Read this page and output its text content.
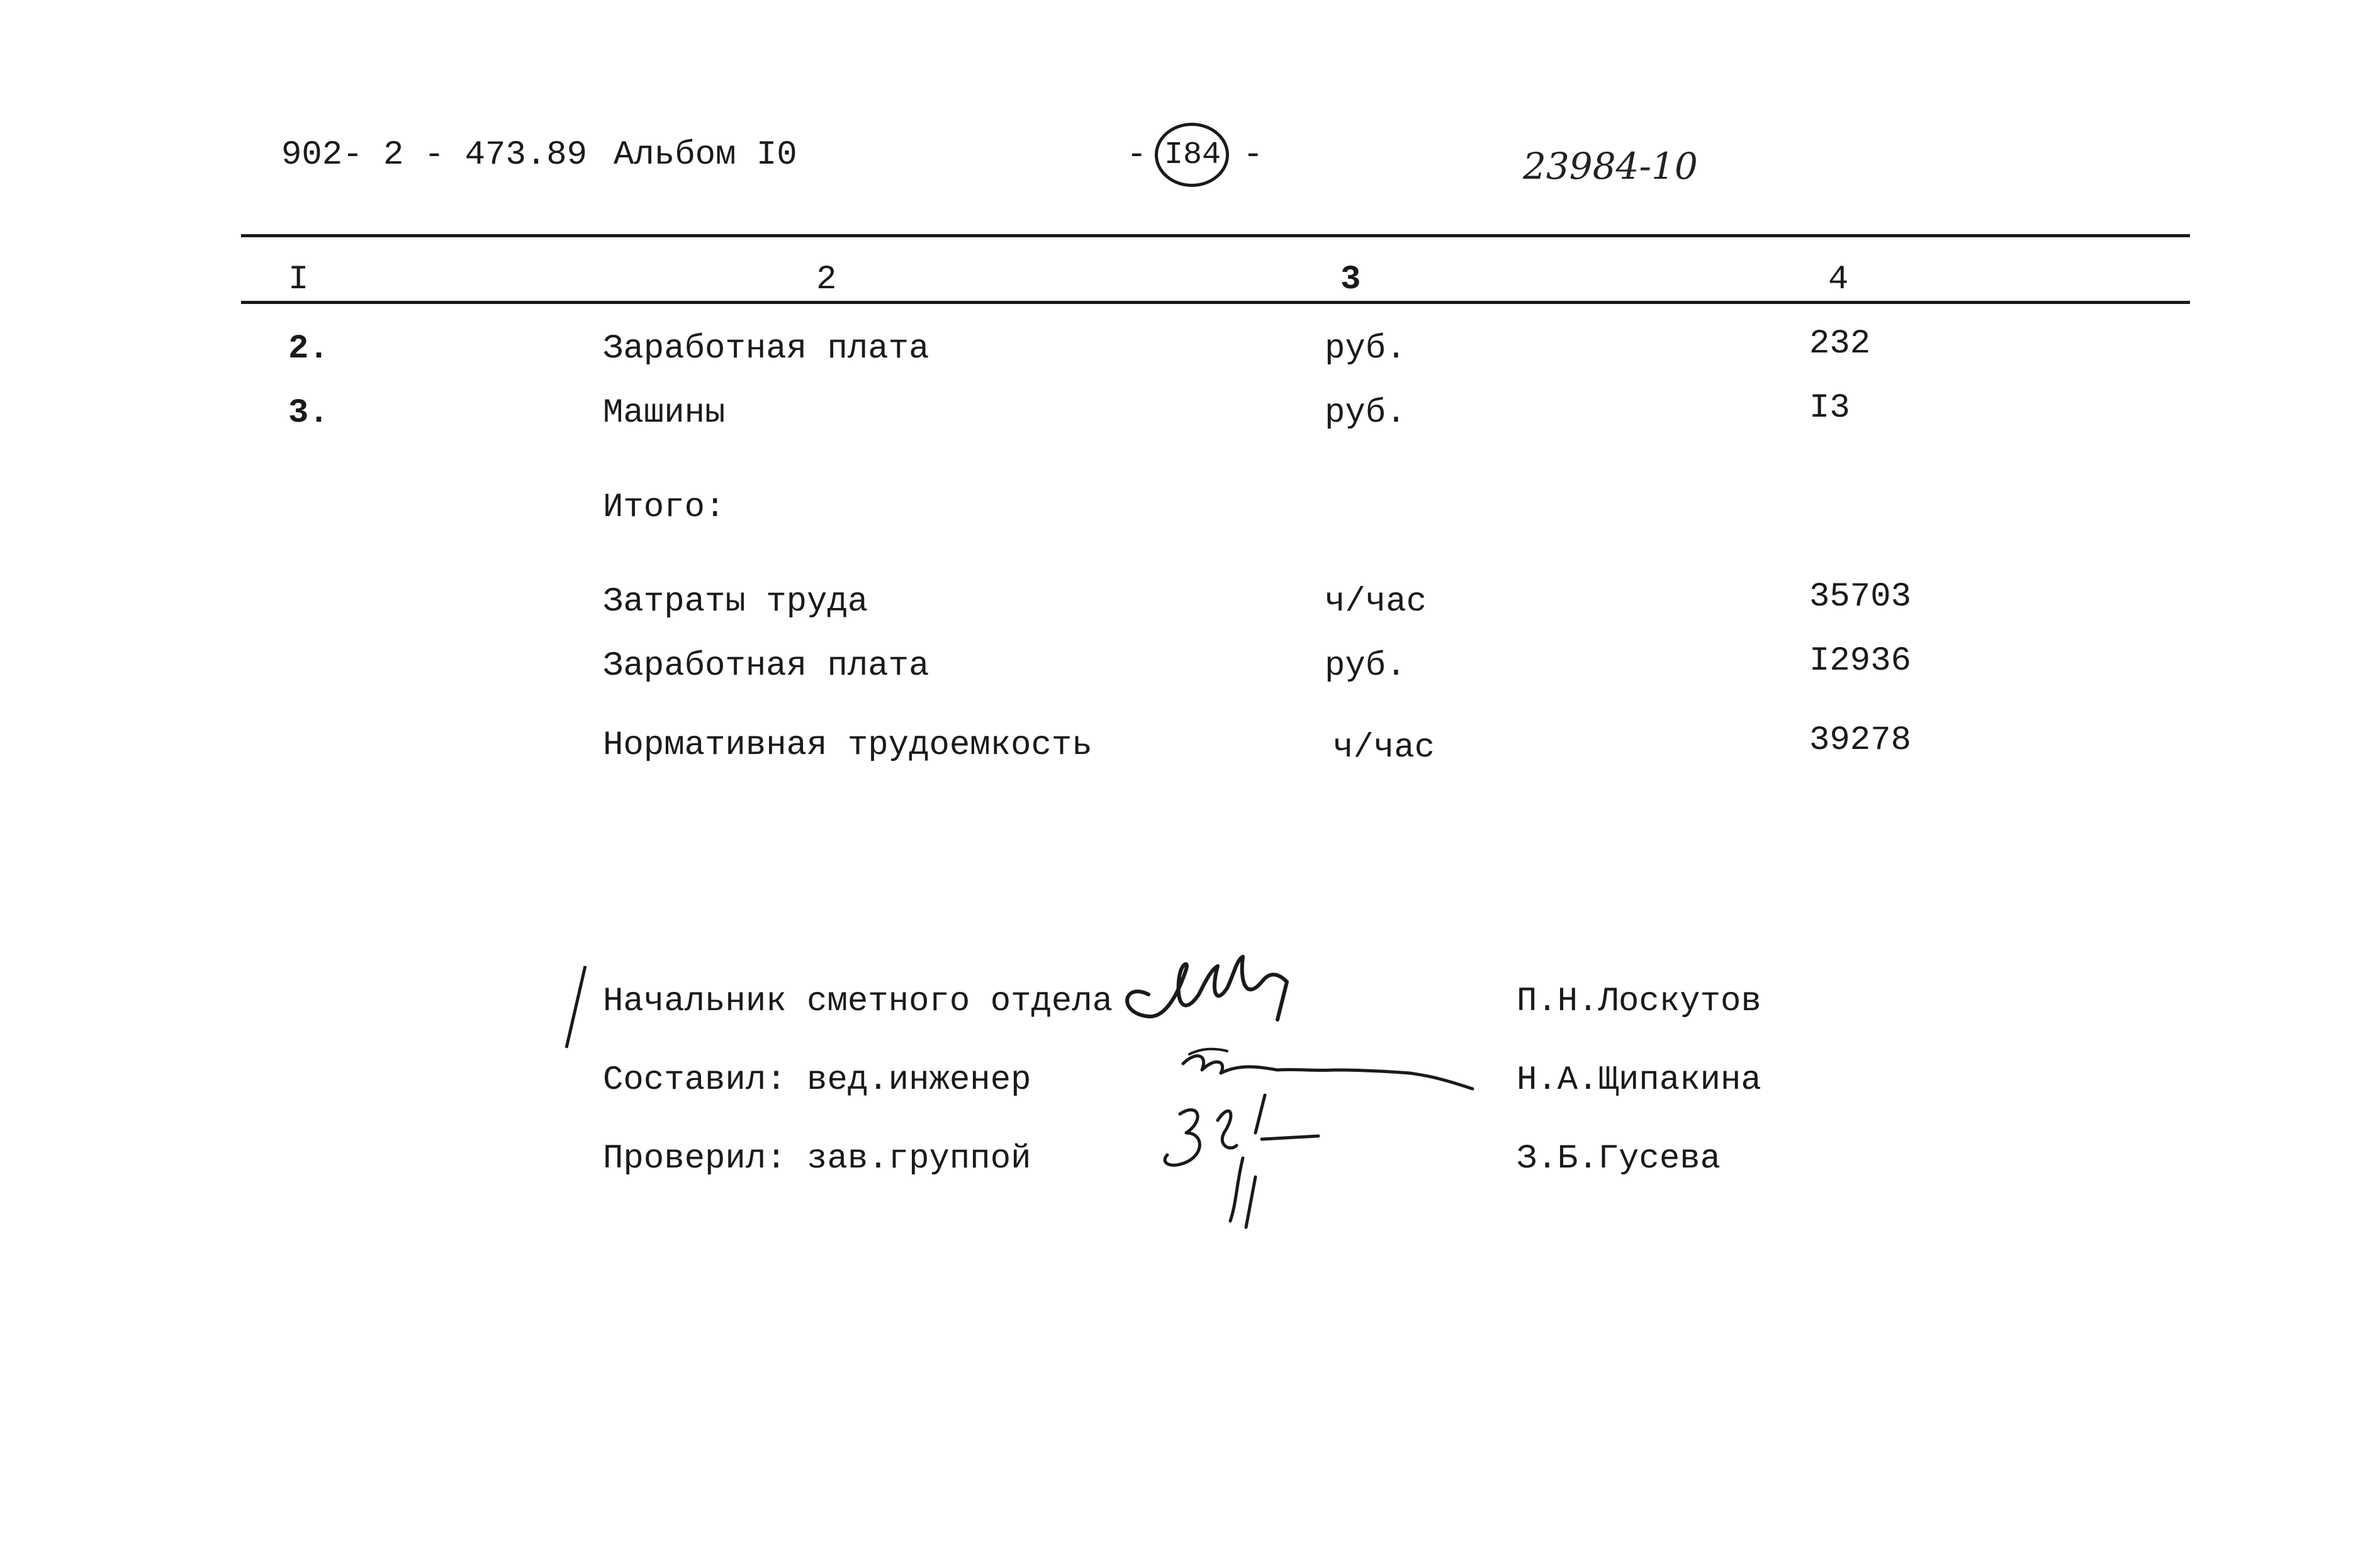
902- 2 - 473.89 Альбом I0	- I84 -	23984-10
I	2	3	4
2.	Заработная плата	руб.	232
3.	Машины	руб.	I3
Итого:
Затраты труда	ч/час	35703
Заработная плата	руб.	I2936
Нормативная трудоемкость	ч/час	39278
Начальник сметного отдела	П.Н.Лоскутов
Составил: вед.инженер	Н.А.Щипакина
Проверил: зав.группой	З.Б.Гусева
